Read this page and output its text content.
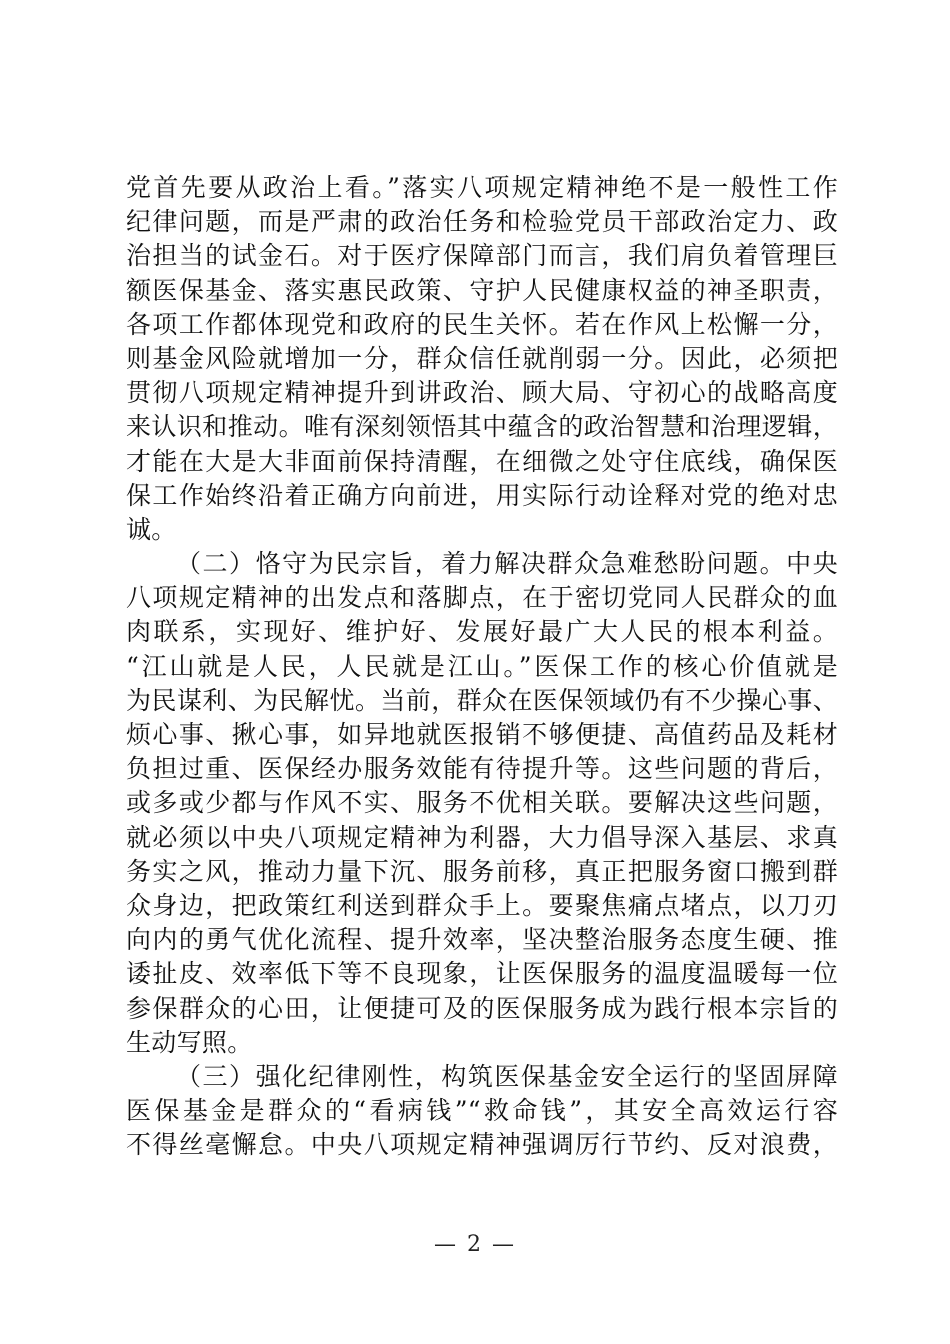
党首先要从政治上看。”落实八项规定精神绝不是一般性工作
纪律问题，而是严肃的政治任务和检验党员干部政治定力、政
治担当的试金石。对于医疗保障部门而言，我们肩负着管理巨
额医保基金、落实惠民政策、守护人民健康权益的神圣职责，
各项工作都体现党和政府的民生关怀。若在作风上松懈一分，
则基金风险就增加一分，群众信任就削弱一分。因此，必须把
贯彻八项规定精神提升到讲政治、顾大局、守初心的战略高度
来认识和推动。唯有深刻领悟其中蕴含的政治智慧和治理逻辑，
才能在大是大非面前保持清醒，在细微之处守住底线，确保医
保工作始终沿着正确方向前进，用实际行动诠释对党的绝对忠
诚。
（二）恪守为民宗旨，着力解决群众急难愁盼问题。中央
八项规定精神的出发点和落脚点，在于密切党同人民群众的血
肉联系，实现好、维护好、发展好最广大人民的根本利益。
“江山就是人民，人民就是江山。”医保工作的核心价值就是
为民谋利、为民解忧。当前，群众在医保领域仍有不少操心事、
烦心事、揪心事，如异地就医报销不够便捷、高值药品及耗材
负担过重、医保经办服务效能有待提升等。这些问题的背后，
或多或少都与作风不实、服务不优相关联。要解决这些问题，
就必须以中央八项规定精神为利器，大力倡导深入基层、求真
务实之风，推动力量下沉、服务前移，真正把服务窗口搬到群
众身边，把政策红利送到群众手上。要聚焦痛点堵点，以刀刃
向内的勇气优化流程、提升效率，坚决整治服务态度生硬、推
诿扯皮、效率低下等不良现象，让医保服务的温度温暖每一位
参保群众的心田，让便捷可及的医保服务成为践行根本宗旨的
生动写照。
（三）强化纪律刚性，构筑医保基金安全运行的坚固屏障
医保基金是群众的“看病钱”“救命钱”，其安全高效运行容
不得丝毫懈怠。中央八项规定精神强调厉行节约、反对浪费，
— 2 —
